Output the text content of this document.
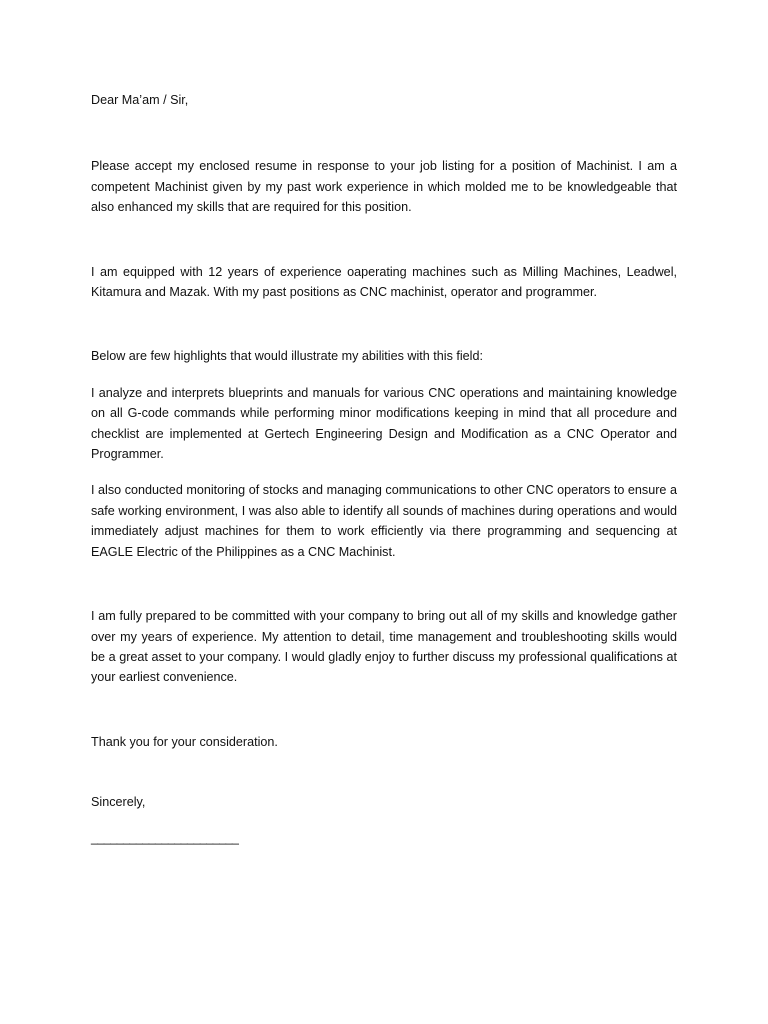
Dear Ma’am / Sir,

Please accept my enclosed resume in response to your job listing for a position of Machinist. I am a competent Machinist given by my past work experience in which molded me to be knowledgeable that also enhanced my skills that are required for this position.

I am equipped with 12 years of experience oaperating machines such as Milling Machines, Leadwel, Kitamura and Mazak. With my past positions as CNC machinist, operator and programmer.

Below are few highlights that would illustrate my abilities with this field:

I analyze and interprets blueprints and manuals for various CNC operations and maintaining knowledge on all G-code commands while performing minor modifications keeping in mind that all procedure and checklist are implemented at Gertech Engineering Design and Modification as a CNC Operator and Programmer.

I also conducted monitoring of stocks and managing communications to other CNC operators to ensure a safe working environment, I was also able to identify all sounds of machines during operations and would immediately adjust machines for them to work efficiently via there programming and sequencing at EAGLE Electric of the Philippines as a CNC Machinist.

I am fully prepared to be committed with your company to bring out all of my skills and knowledge gather over my years of experience. My attention to detail, time management and troubleshooting skills would be a great asset to your company. I would gladly enjoy to further discuss my professional qualifications at your earliest convenience.

Thank you for your consideration.

Sincerely,

_______________________
